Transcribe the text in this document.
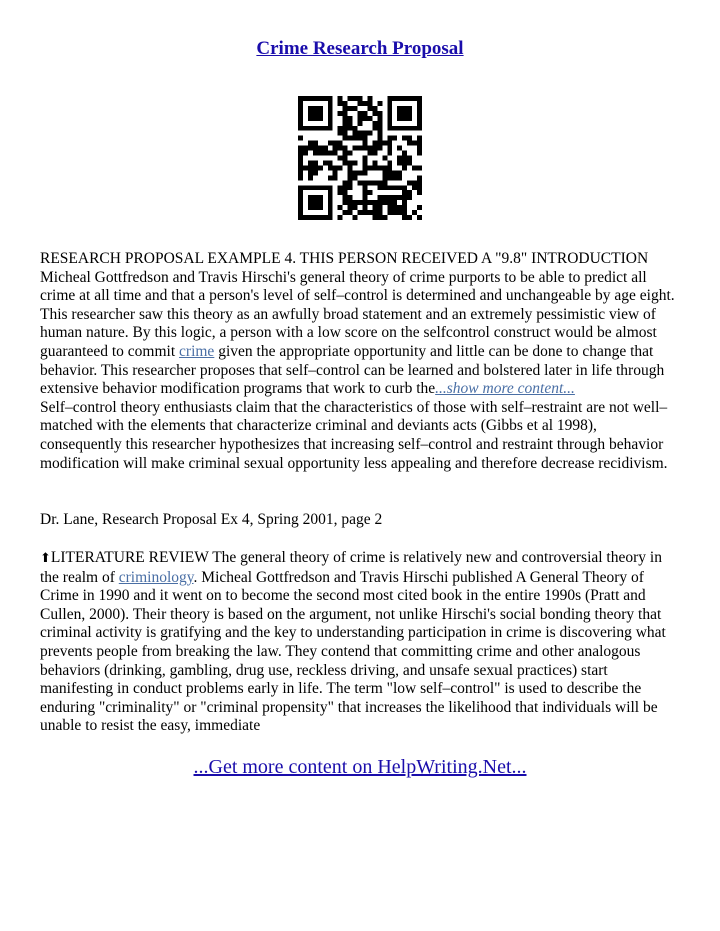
Crime Research Proposal
RESEARCH PROPOSAL EXAMPLE 4. THIS PERSON RECEIVED A "9.8" INTRODUCTION Micheal Gottfredson and Travis Hirschi's general theory of crime purports to be able to predict all crime at all time and that a person's level of self–control is determined and unchangeable by age eight. This researcher saw this theory as an awfully broad statement and an extremely pessimistic view of human nature. By this logic, a person with a low score on the selfcontrol construct would be almost guaranteed to commit crime given the appropriate opportunity and little can be done to change that behavior. This researcher proposes that self–control can be learned and bolstered later in life through extensive behavior modification programs that work to curb the...show more content...
Self–control theory enthusiasts claim that the characteristics of those with self–restraint are not well–matched with the elements that characterize criminal and deviants acts (Gibbs et al 1998), consequently this researcher hypothesizes that increasing self–control and restraint through behavior modification will make criminal sexual opportunity less appealing and therefore decrease recidivism.
Dr. Lane, Research Proposal Ex 4, Spring 2001, page 2
⬆LITERATURE REVIEW The general theory of crime is relatively new and controversial theory in the realm of criminology. Micheal Gottfredson and Travis Hirschi published A General Theory of Crime in 1990 and it went on to become the second most cited book in the entire 1990s (Pratt and Cullen, 2000). Their theory is based on the argument, not unlike Hirschi's social bonding theory that criminal activity is gratifying and the key to understanding participation in crime is discovering what prevents people from breaking the law. They contend that committing crime and other analogous behaviors (drinking, gambling, drug use, reckless driving, and unsafe sexual practices) start manifesting in conduct problems early in life. The term "low self–control" is used to describe the enduring "criminality" or "criminal propensity" that increases the likelihood that individuals will be unable to resist the easy, immediate
...Get more content on HelpWriting.Net...
